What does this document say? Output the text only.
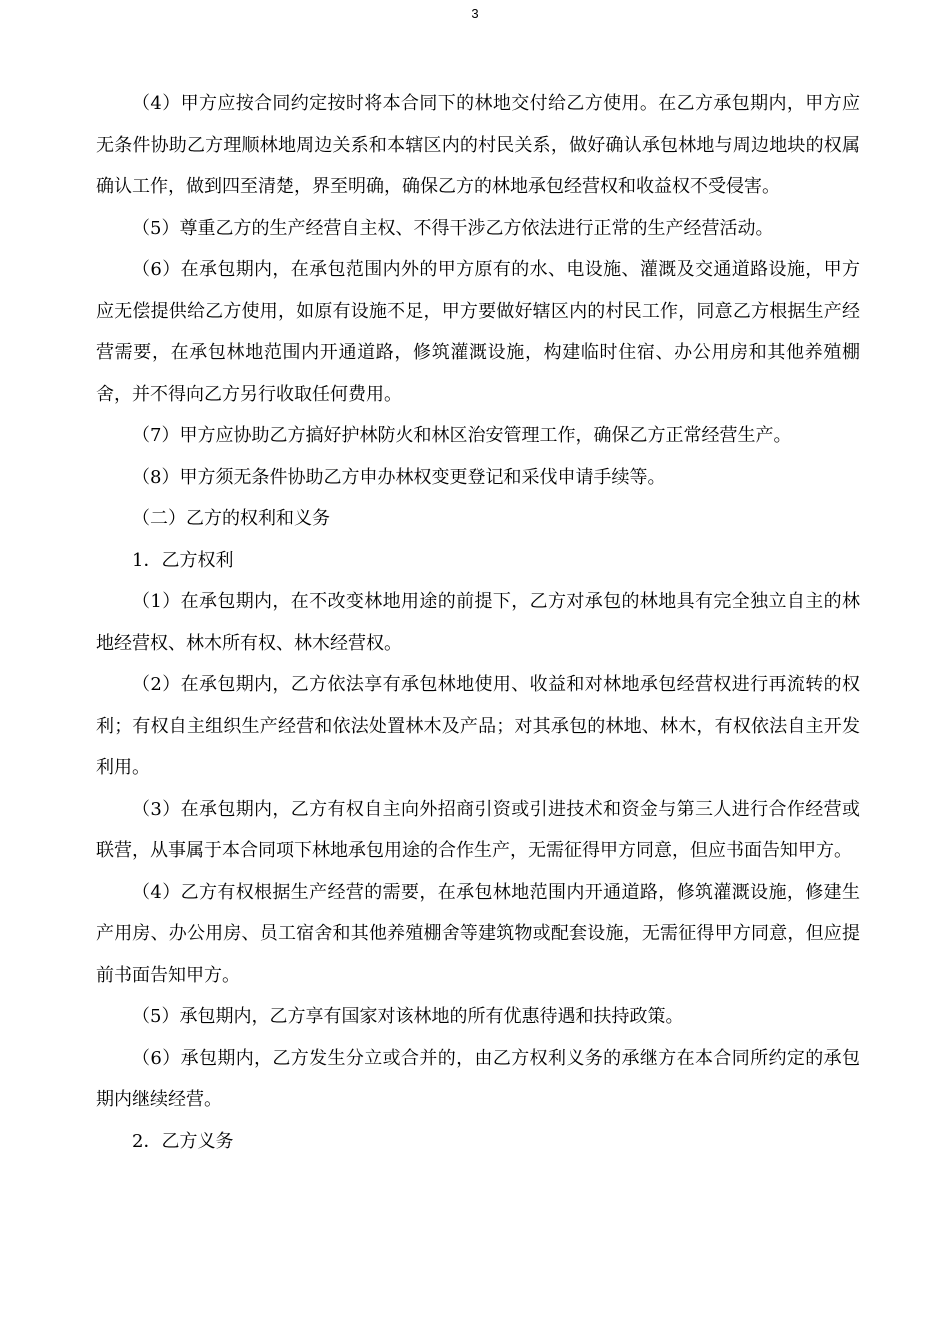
3

（4）甲方应按合同约定按时将本合同下的林地交付给乙方使用。在乙方承包期内，甲方应无条件协助乙方理顺林地周边关系和本辖区内的村民关系，做好确认承包林地与周边地块的权属确认工作，做到四至清楚，界至明确，确保乙方的林地承包经营权和收益权不受侵害。

（5）尊重乙方的生产经营自主权、不得干涉乙方依法进行正常的生产经营活动。

（6）在承包期内，在承包范围内外的甲方原有的水、电设施、灌溉及交通道路设施，甲方应无偿提供给乙方使用，如原有设施不足，甲方要做好辖区内的村民工作，同意乙方根据生产经营需要，在承包林地范围内开通道路，修筑灌溉设施，构建临时住宿、办公用房和其他养殖棚舍，并不得向乙方另行收取任何费用。

（7）甲方应协助乙方搞好护林防火和林区治安管理工作，确保乙方正常经营生产。

（8）甲方须无条件协助乙方申办林权变更登记和采伐申请手续等。

（二）乙方的权利和义务

1．乙方权利

（1）在承包期内，在不改变林地用途的前提下，乙方对承包的林地具有完全独立自主的林地经营权、林木所有权、林木经营权。

（2）在承包期内，乙方依法享有承包林地使用、收益和对林地承包经营权进行再流转的权利；有权自主组织生产经营和依法处置林木及产品；对其承包的林地、林木，有权依法自主开发利用。

（3）在承包期内，乙方有权自主向外招商引资或引进技术和资金与第三人进行合作经营或联营，从事属于本合同项下林地承包用途的合作生产，无需征得甲方同意，但应书面告知甲方。

（4）乙方有权根据生产经营的需要，在承包林地范围内开通道路，修筑灌溉设施，修建生产用房、办公用房、员工宿舍和其他养殖棚舍等建筑物或配套设施，无需征得甲方同意，但应提前书面告知甲方。

（5）承包期内，乙方享有国家对该林地的所有优惠待遇和扶持政策。

（6）承包期内，乙方发生分立或合并的，由乙方权利义务的承继方在本合同所约定的承包期内继续经营。

2．乙方义务
